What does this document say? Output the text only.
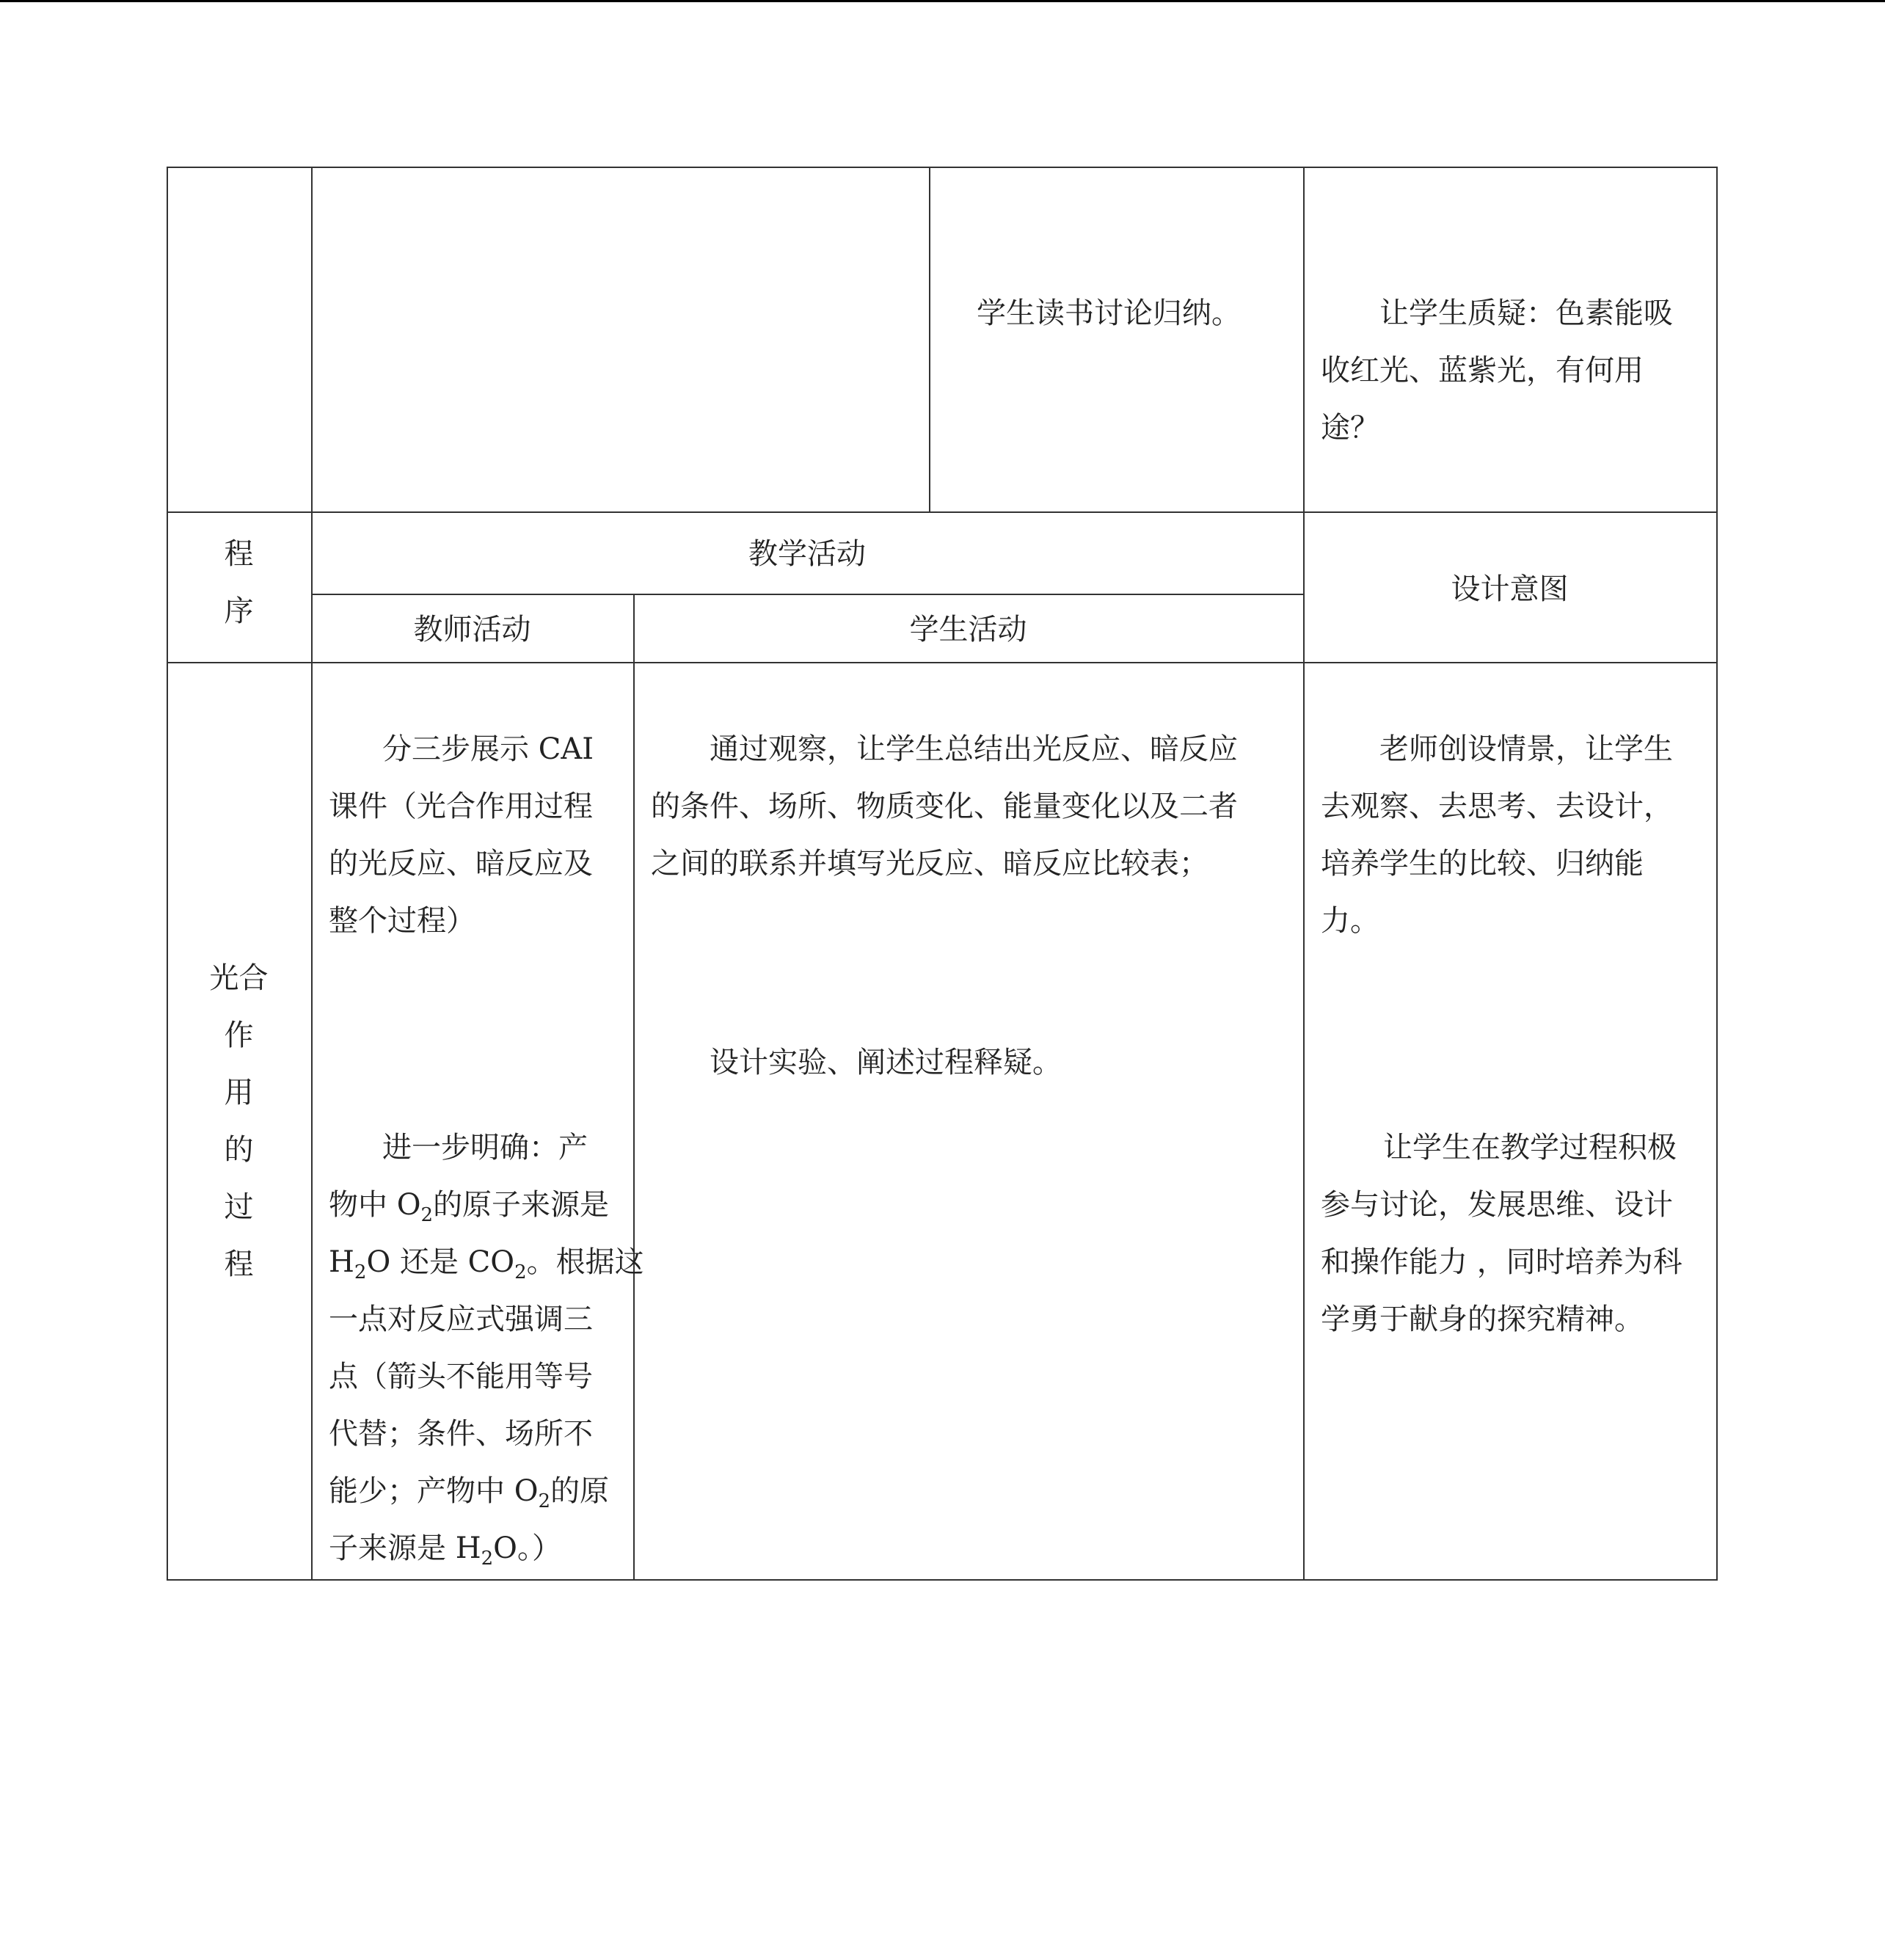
学生读书讨论归纳。	让学生质疑：色素能吸
收红光、蓝紫光，有何用
途？
程
序
教学活动
教师活动	学生活动
设计意图
光合
作
用
的
过
程
分三步展示 CAI
课件（光合作用过程
的光反应、暗反应及
整个过程）
进一步明确：产
物中 $O_2$的原子来源是
$H_2O$ 还是 $CO_2$。根据这
一点对反应式强调三
点（箭头不能用等号
代替；条件、场所不
能少；产物中 $O_2$的原
子来源是 $H_2O$。）
通过观察，让学生总结出光反应、暗反应
的条件、场所、物质变化、能量变化以及二者
之间的联系并填写光反应、暗反应比较表；
设计实验、阐述过程释疑。
老师创设情景，让学生
去观察、去思考、去设计，
培养学生的比较、归纳能
力。
让学生在教学过程积极
参与讨论，发展思维、设计
和操作能力 ，同时培养为科
学勇于献身的探究精神。
